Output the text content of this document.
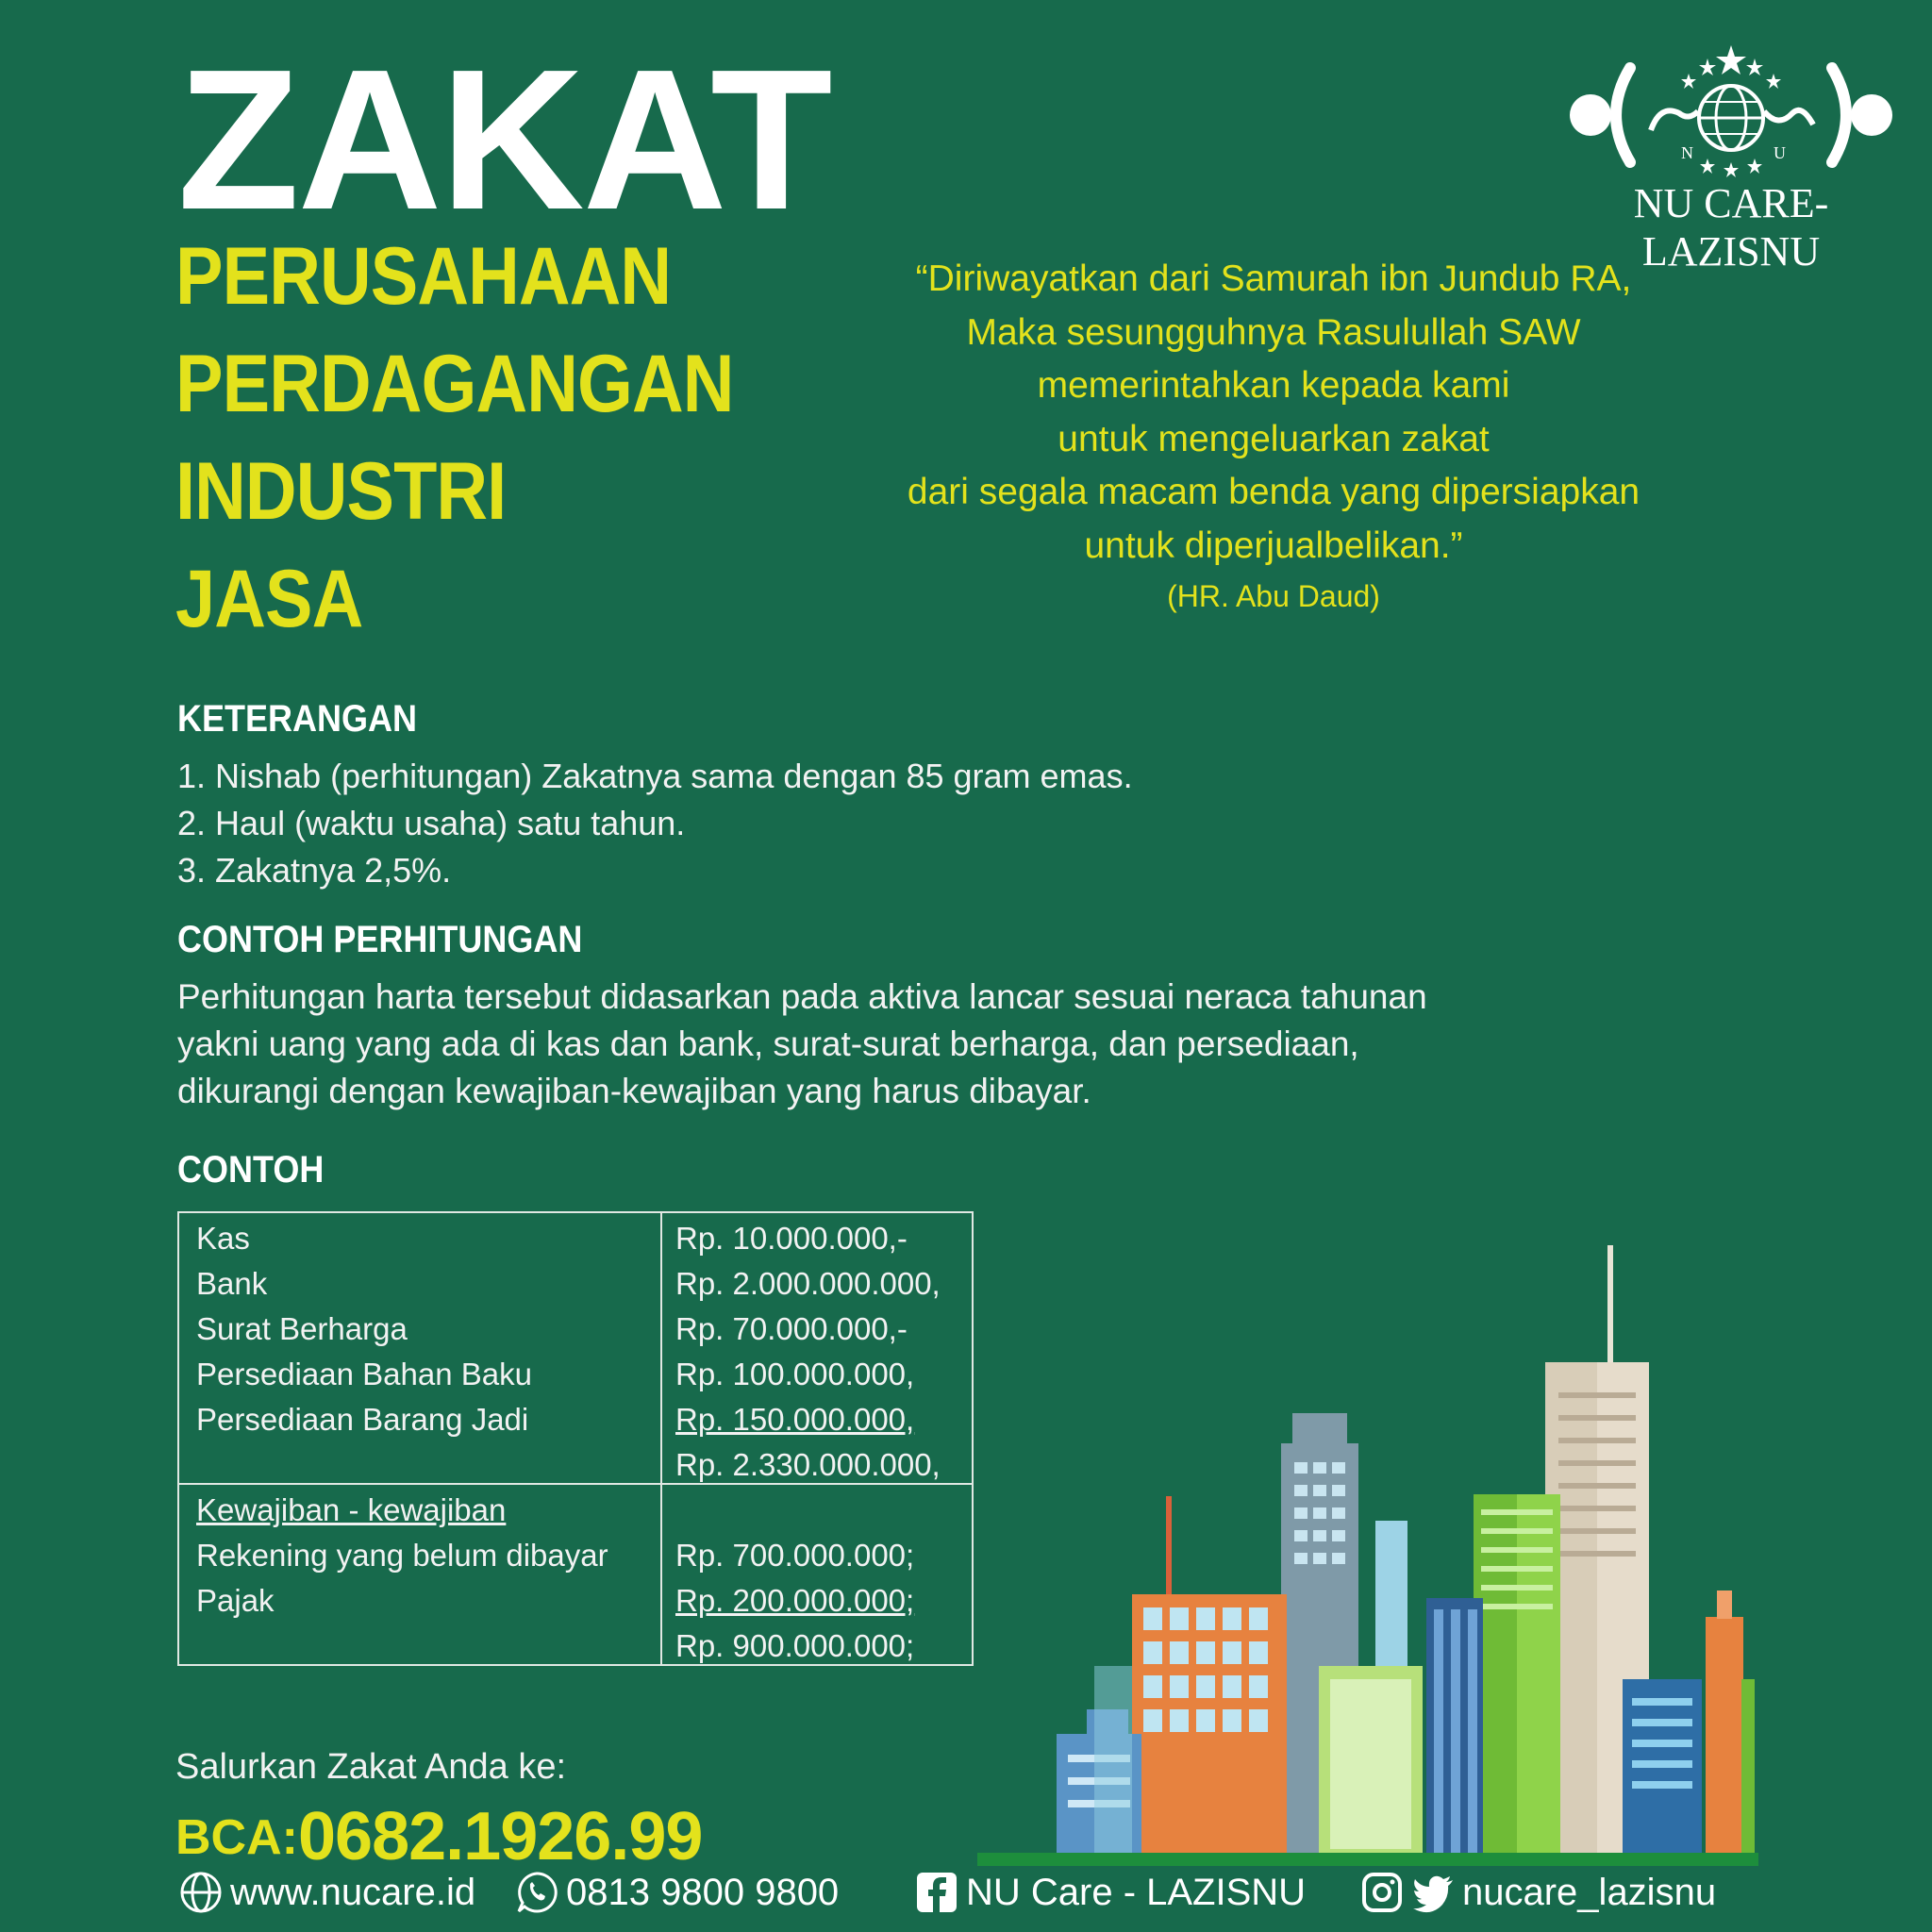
ZAKAT
PERUSAHAAN
PERDAGANGAN
INDUSTRI
JASA
N	U
NU CARE-LAZISNU
“Diriwayatkan dari Samurah ibn Jundub RA,
Maka sesungguhnya Rasulullah SAW
memerintahkan kepada kami
untuk mengeluarkan zakat
dari segala macam benda yang dipersiapkan
untuk diperjualbelikan.”
(HR. Abu Daud)
KETERANGAN
1. Nishab (perhitungan) Zakatnya sama dengan 85 gram emas.
2. Haul (waktu usaha) satu tahun.
3. Zakatnya 2,5%.
CONTOH PERHITUNGAN
Perhitungan harta tersebut didasarkan pada aktiva lancar sesuai neraca tahunan
yakni uang yang ada di kas dan bank, surat-surat berharga, dan persediaan,
dikurangi dengan kewajiban-kewajiban yang harus dibayar.
CONTOH
Kas	Rp. 10.000.000,-
Bank	Rp. 2.000.000.000,
Surat Berharga	Rp. 70.000.000,-
Persediaan Bahan Baku	Rp. 100.000.000,
Persediaan Barang Jadi	Rp. 150.000.000,
Rp. 2.330.000.000,
Kewajiban - kewajiban
Rekening yang belum dibayar Rp. 700.000.000;
Pajak	Rp. 200.000.000;
Rp. 900.000.000;
Salurkan Zakat Anda ke:
BCA: 0682.1926.99
www.nucare.id 0813 9800 9800	NU Care - LAZISNU	nucare_lazisnu
